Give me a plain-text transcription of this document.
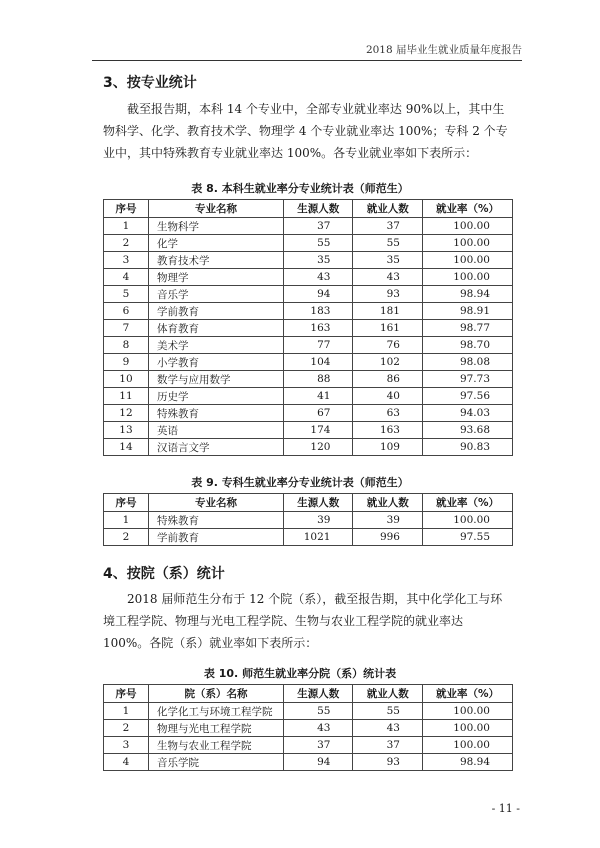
2018 届毕业生就业质量年度报告
3、按专业统计

截至报告期，本科 14 个专业中，全部专业就业率达 90%以上，其中生物科学、化学、教育技术学、物理学 4 个专业就业率达 100%；专科 2 个专业中，其中特殊教育专业就业率达 100%。各专业就业率如下表所示：

表 8. 本科生就业率分专业统计表（师范生）
序号	专业名称	生源人数	就业人数	就业率（%）
1	生物科学	37	37	100.00
2	化学	55	55	100.00
3	教育技术学	35	35	100.00
4	物理学	43	43	100.00
5	音乐学	94	93	98.94
6	学前教育	183	181	98.91
7	体育教育	163	161	98.77
8	美术学	77	76	98.70
9	小学教育	104	102	98.08
10	数学与应用数学	88	86	97.73
11	历史学	41	40	97.56
12	特殊教育	67	63	94.03
13	英语	174	163	93.68
14	汉语言文学	120	109	90.83
表 9. 专科生就业率分专业统计表（师范生）
序号	专业名称	生源人数	就业人数	就业率（%）
1	特殊教育	39	39	100.00
2	学前教育	1021	996	97.55
4、按院（系）统计

2018 届师范生分布于 12 个院（系），截至报告期，其中化学化工与环境工程学院、物理与光电工程学院、生物与农业工程学院的就业率达 100%。各院（系）就业率如下表所示：

表 10. 师范生就业率分院（系）统计表
序号	院（系）名称	生源人数	就业人数	就业率（%）
1	化学化工与环境工程学院	55	55	100.00
2	物理与光电工程学院	43	43	100.00
3	生物与农业工程学院	37	37	100.00
4	音乐学院	94	93	98.94
- 11 -
